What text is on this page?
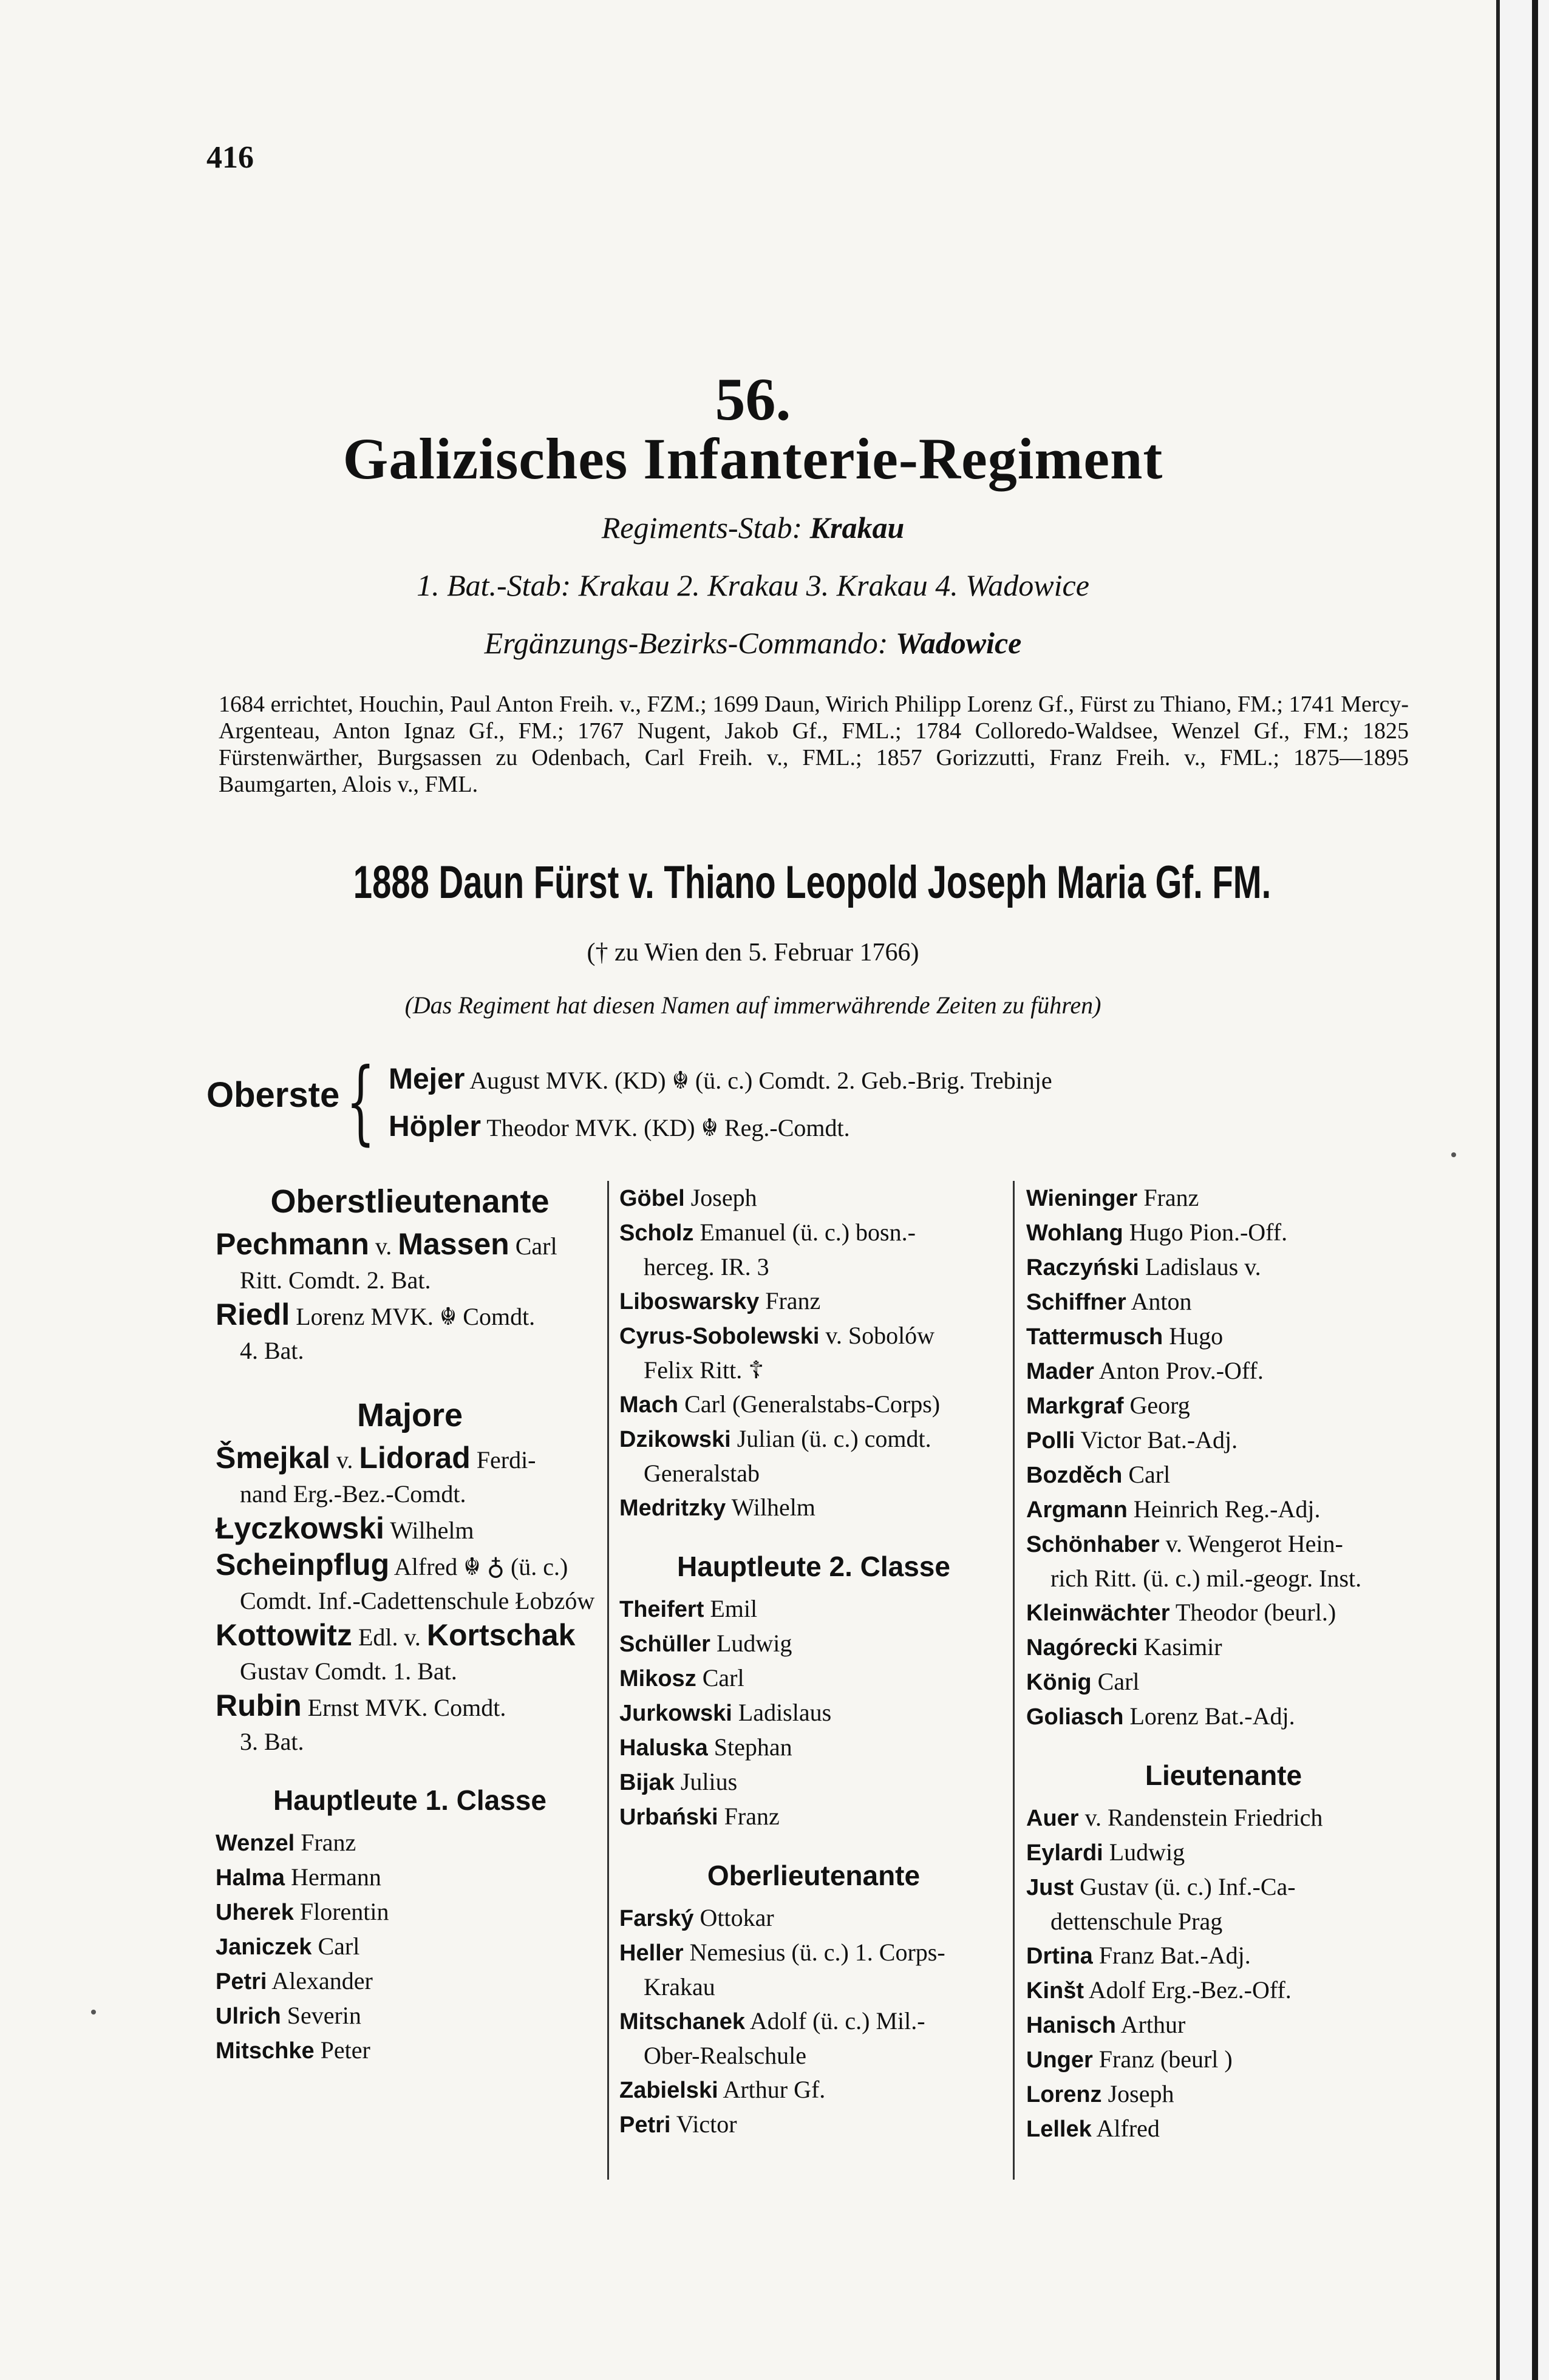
416
56.
Galizisches Infanterie-Regiment
Regiments-Stab: Krakau
1. Bat.-Stab: Krakau 2. Krakau 3. Krakau 4. Wadowice
Ergänzungs-Bezirks-Commando: Wadowice
1684 errichtet, Houchin, Paul Anton Freih. v., FZM.; 1699 Daun, Wirich Philipp Lorenz Gf., Fürst zu Thiano, FM.; 1741 Mercy-Argenteau, Anton Ignaz Gf., FM.; 1767 Nugent, Jakob Gf., FML.; 1784 Colloredo-Waldsee, Wenzel Gf., FM.; 1825 Fürstenwärther, Burgsassen zu Odenbach, Carl Freih. v., FML.; 1857 Gorizzutti, Franz Freih. v., FML.; 1875—1895 Baumgarten, Alois v., FML.
1888 Daun Fürst v. Thiano Leopold Joseph Maria Gf. FM.
(† zu Wien den 5. Februar 1766)
(Das Regiment hat diesen Namen auf immerwährende Zeiten zu führen)
Oberste { Mejer August MVK. (KD) ☬ (ü. c.) Comdt. 2. Geb.-Brig. Trebinje
Höpler Theodor MVK. (KD) ☬ Reg.-Comdt.
Oberstlieutenante
Pechmann v. Massen Carl
Ritt. Comdt. 2. Bat.
Riedl Lorenz MVK. ☬ Comdt.
4. Bat.
Majore
Šmejkal v. Lidorad Ferdi-
nand Erg.-Bez.-Comdt.
Łyczkowski Wilhelm
Scheinpflug Alfred ☬ ♁ (ü. c.)
Comdt. Inf.-Cadettenschule Łobzów
Kottowitz Edl. v. Kortschak
Gustav Comdt. 1. Bat.
Rubin Ernst MVK. Comdt.
3. Bat.
Hauptleute 1. Classe
Wenzel Franz
Halma Hermann
Uherek Florentin
Janiczek Carl
Petri Alexander
Ulrich Severin
Mitschke Peter
Göbel Joseph
Scholz Emanuel (ü. c.) bosn.-
herceg. IR. 3
Liboswarsky Franz
Cyrus-Sobolewski v. Sobolów
Felix Ritt. ☦
Mach Carl (Generalstabs-Corps)
Dzikowski Julian (ü. c.) comdt.
Generalstab
Medritzky Wilhelm
Hauptleute 2. Classe
Theifert Emil
Schüller Ludwig
Mikosz Carl
Jurkowski Ladislaus
Haluska Stephan
Bijak Julius
Urbański Franz
Oberlieutenante
Farský Ottokar
Heller Nemesius (ü. c.) 1. Corps-
Krakau
Mitschanek Adolf (ü. c.) Mil.-
Ober-Realschule
Zabielski Arthur Gf.
Petri Victor
Wieninger Franz
Wohlang Hugo Pion.-Off.
Raczyński Ladislaus v.
Schiffner Anton
Tattermusch Hugo
Mader Anton Prov.-Off.
Markgraf Georg
Polli Victor Bat.-Adj.
Bozděch Carl
Argmann Heinrich Reg.-Adj.
Schönhaber v. Wengerot Hein-
rich Ritt. (ü. c.) mil.-geogr. Inst.
Kleinwächter Theodor (beurl.)
Nagórecki Kasimir
König Carl
Goliasch Lorenz Bat.-Adj.
Lieutenante
Auer v. Randenstein Friedrich
Eylardi Ludwig
Just Gustav (ü. c.) Inf.-Ca-
dettenschule Prag
Drtina Franz Bat.-Adj.
Kinšt Adolf Erg.-Bez.-Off.
Hanisch Arthur
Unger Franz (beurl )
Lorenz Joseph
Lellek Alfred
